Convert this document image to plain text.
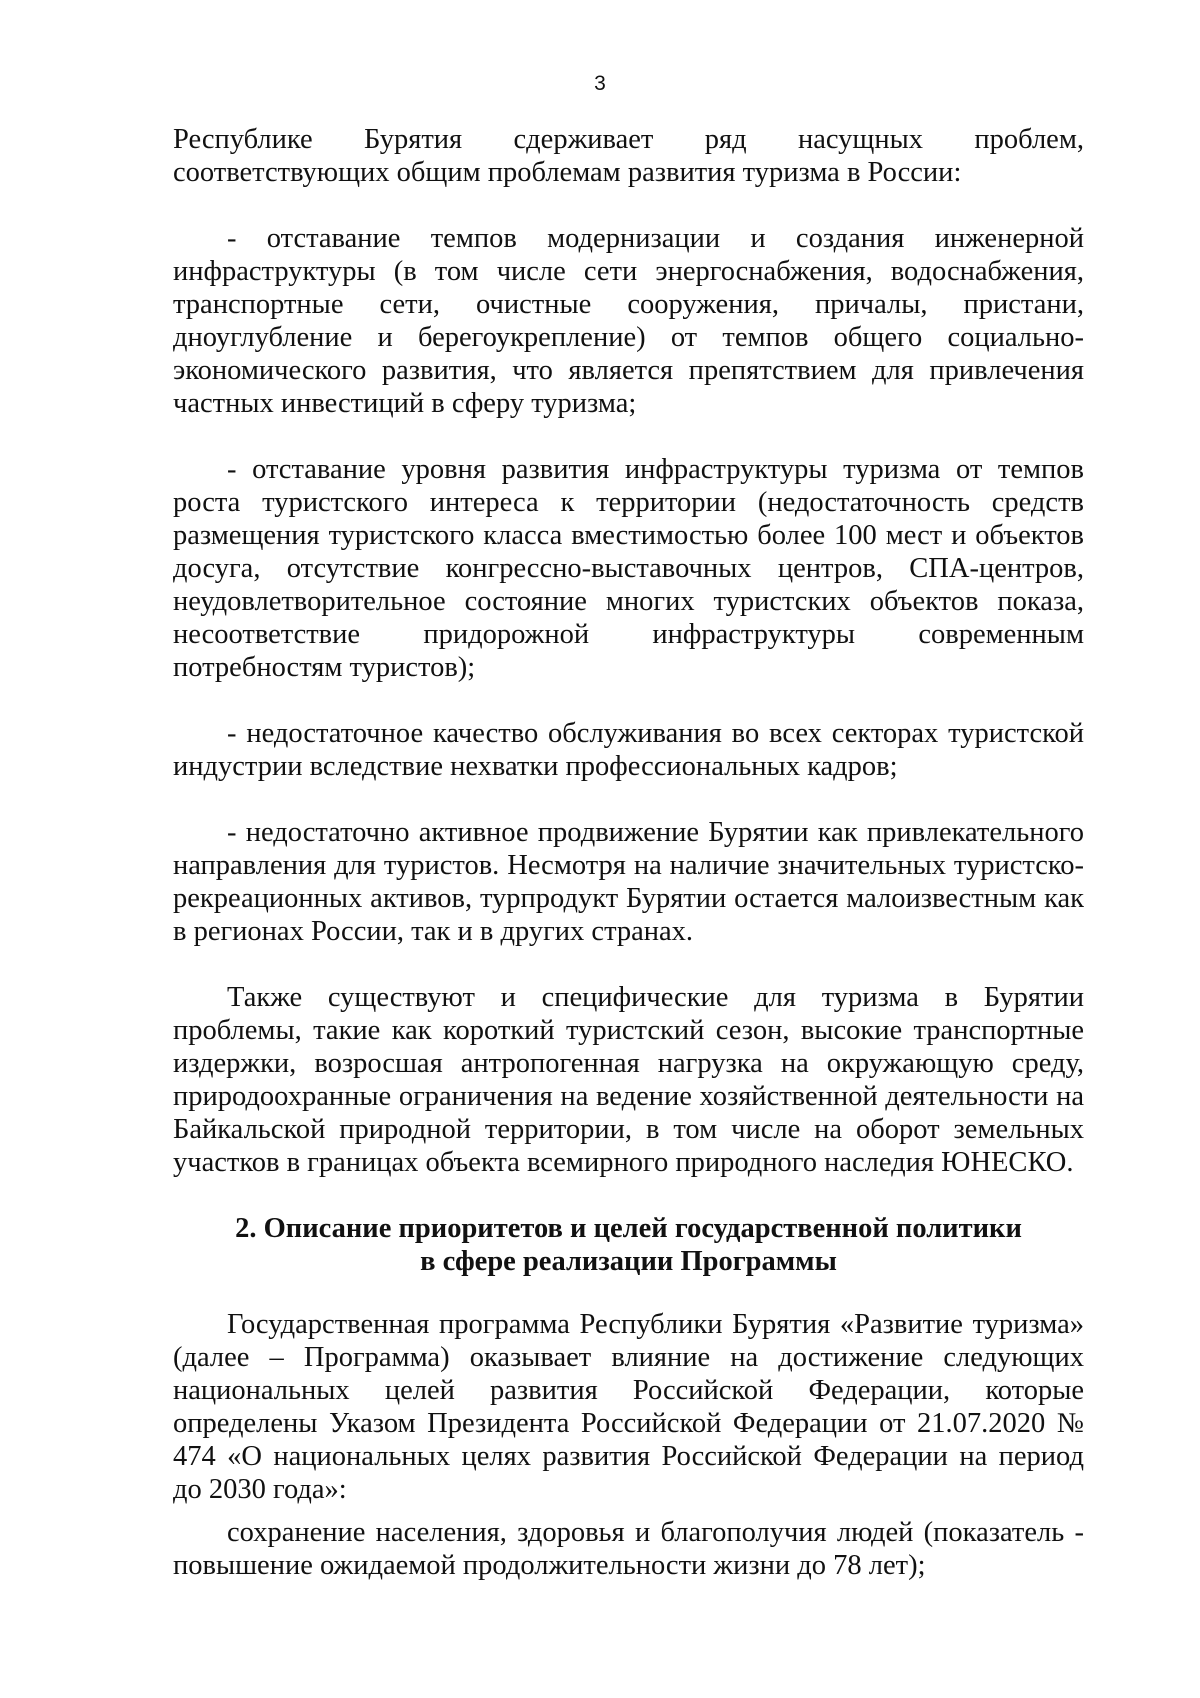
3

Республике Бурятия сдерживает ряд насущных проблем, соответствующих общим проблемам развития туризма в России:

- отставание темпов модернизации и создания инженерной инфраструктуры (в том числе сети энергоснабжения, водоснабжения, транспортные сети, очистные сооружения, причалы, пристани, дноуглубление и берегоукрепление) от темпов общего социально-экономического развития, что является препятствием для привлечения частных инвестиций в сферу туризма;

- отставание уровня развития инфраструктуры туризма от темпов роста туристского интереса к территории (недостаточность средств размещения туристского класса вместимостью более 100 мест и объектов досуга, отсутствие конгрессно-выставочных центров, СПА-центров, неудовлетворительное состояние многих туристских объектов показа, несоответствие придорожной инфраструктуры современным потребностям туристов);

- недостаточное качество обслуживания во всех секторах туристской индустрии вследствие нехватки профессиональных кадров;

- недостаточно активное продвижение Бурятии как привлекательного направления для туристов. Несмотря на наличие значительных туристско-рекреационных активов, турпродукт Бурятии остается малоизвестным как в регионах России, так и в других странах.

Также существуют и специфические для туризма в Бурятии проблемы, такие как короткий туристский сезон, высокие транспортные издержки, возросшая антропогенная нагрузка на окружающую среду, природоохранные ограничения на ведение хозяйственной деятельности на Байкальской природной территории, в том числе на оборот земельных участков в границах объекта всемирного природного наследия ЮНЕСКО.

2. Описание приоритетов и целей государственной политики
в сфере реализации Программы

Государственная программа Республики Бурятия «Развитие туризма» (далее – Программа) оказывает влияние на достижение следующих национальных целей развития Российской Федерации, которые определены Указом Президента Российской Федерации от 21.07.2020 № 474 «О национальных целях развития Российской Федерации на период до 2030 года»:

сохранение населения, здоровья и благополучия людей (показатель - повышение ожидаемой продолжительности жизни до 78 лет);
